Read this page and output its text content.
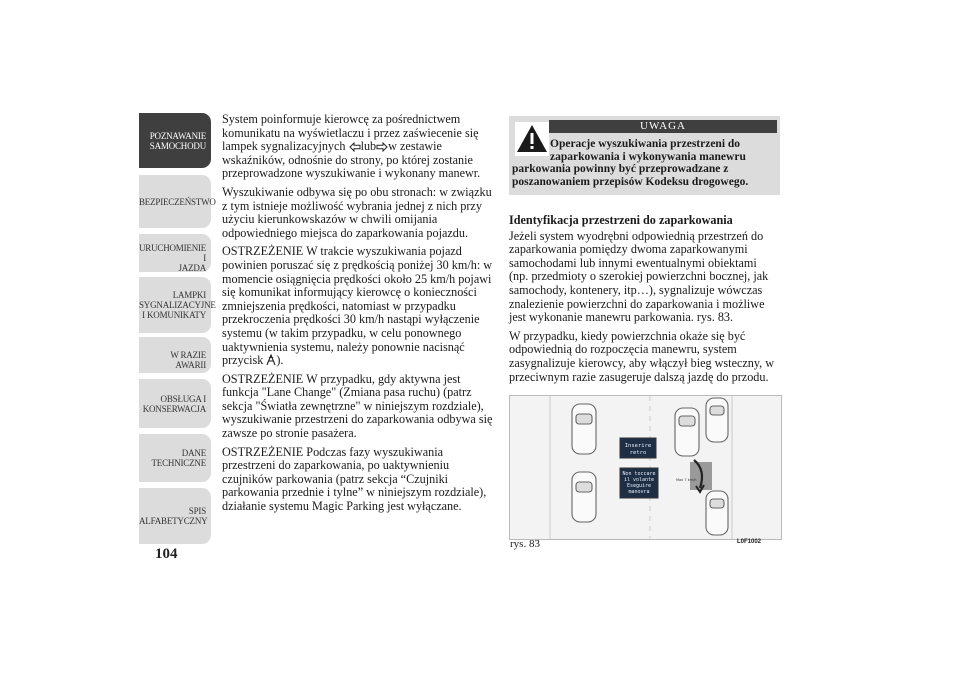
POZNAWANIE
SAMOCHODU
BEZPIECZEŃSTWO
URUCHOMIENIE I
JAZDA
LAMPKI
SYGNALIZACYJNE
I KOMUNIKATY
W RAZIE AWARII
OBSŁUGA I
KONSERWACJA
DANE
TECHNICZNE
SPIS
ALFABETYCZNY
104

System poinformuje kierowcę za pośrednictwem komunikatu na wyświetlaczu i przez zaświecenie się lampek sygnalizacyjnych lub w zestawie wskaźników, odnośnie do strony, po której zostanie przeprowadzone wyszukiwanie i wykonany manewr.

Wyszukiwanie odbywa się po obu stronach: w związku z tym istnieje możliwość wybrania jednej z nich przy użyciu kierunkowskazów w chwili omijania odpowiedniego miejsca do zaparkowania pojazdu.

OSTRZEŻENIE W trakcie wyszukiwania pojazd powinien poruszać się z prędkością poniżej 30 km/h: w momencie osiągnięcia prędkości około 25 km/h pojawi się komunikat informujący kierowcę o konieczności zmniejszenia prędkości, natomiast w przypadku przekroczenia prędkości 30 km/h nastąpi wyłączenie systemu (w takim przypadku, w celu ponownego uaktywnienia systemu, należy ponownie nacisnąć przycisk ).

OSTRZEŻENIE W przypadku, gdy aktywna jest funkcja "Lane Change" (Zmiana pasa ruchu) (patrz sekcja "Światła zewnętrzne" w niniejszym rozdziale), wyszukiwanie przestrzeni do zaparkowania odbywa się zawsze po stronie pasażera.

OSTRZEŻENIE Podczas fazy wyszukiwania przestrzeni do zaparkowania, po uaktywnieniu czujników parkowania (patrz sekcja “Czujniki parkowania przednie i tylne” w niniejszym rozdziale), działanie systemu Magic Parking jest wyłączane.

UWAGA
Operacje wyszukiwania przestrzeni do
zaparkowania i wykonywania manewru
parkowania powinny być przeprowadzane z
poszanowaniem przepisów Kodeksu drogowego.

Identyfikacja przestrzeni do zaparkowania

Jeżeli system wyodrębni odpowiednią przestrzeń do zaparkowania pomiędzy dwoma zaparkowanymi samochodami lub innymi ewentualnymi obiektami (np. przedmioty o szerokiej powierzchni bocznej, jak samochody, kontenery, itp…), sygnalizuje wówczas znalezienie powierzchni do zaparkowania i możliwe jest wykonanie manewru parkowania. rys. 83.

W przypadku, kiedy powierzchnia okaże się być odpowiednią do rozpoczęcia manewru, system zasygnalizuje kierowcy, aby włączył bieg wsteczny, w przeciwnym razie zasugeruje dalszą jazdę do przodu.

Inserire
retro
Non toccare
il volante
Eseguire
manovra
Max 7 km/h
rys. 83	L0F1002
